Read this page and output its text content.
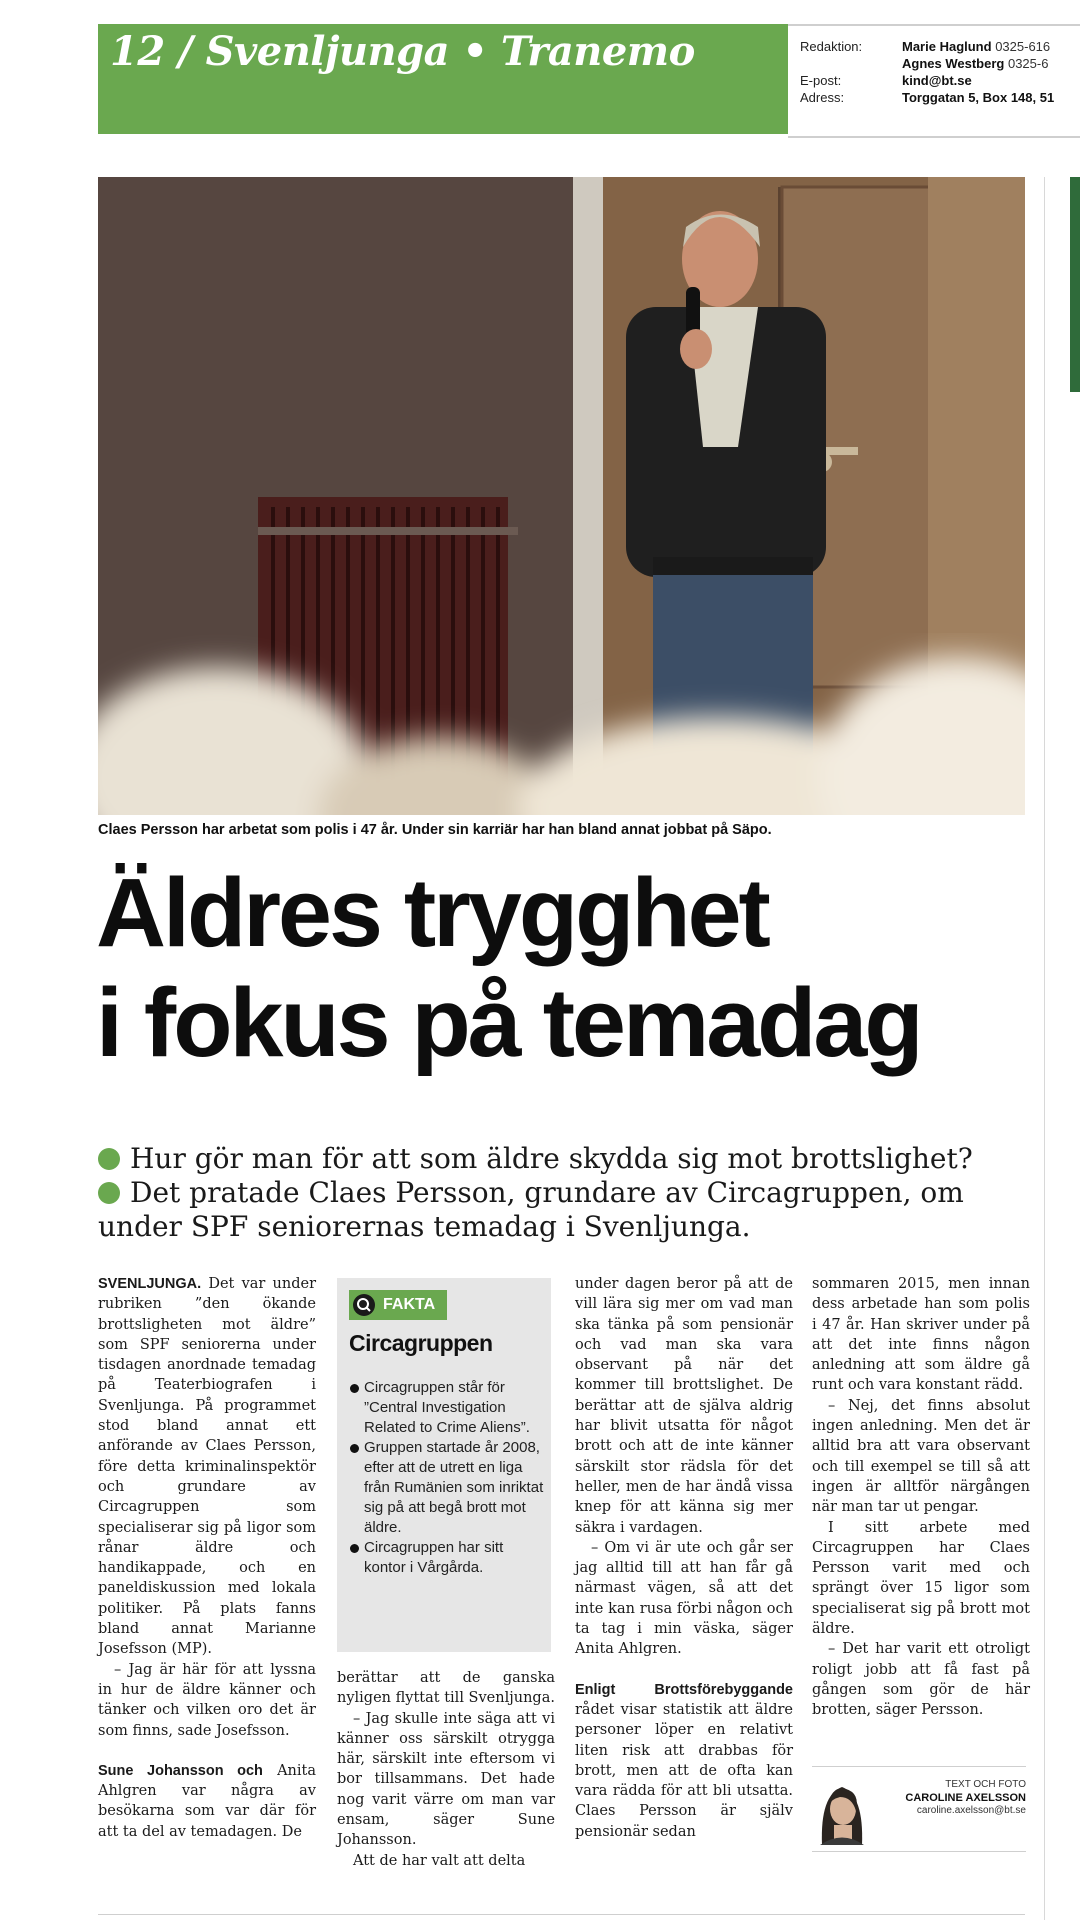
12 / Svenljunga • Tranemo	Redaktion:	Marie Haglund 0325-616
Agnes Westberg 0325-6
E-post:	kind@bt.se
Adress:	Torggatan 5, Box 148, 51
Claes Persson har arbetat som polis i 47 år. Under sin karriär har han bland annat jobbat på Säpo.
Äldres trygghet
i fokus på temadag
Hur gör man för att som äldre skydda sig mot brottslighet?
Det pratade Claes Persson, grundare av Circagruppen, om under SPF seniorernas temadag i Svenljunga.

SVENLJUNGA. Det var under rubriken ”den ökande brottsligheten mot äldre” som SPF seniorerna under tisdagen anordnade temadag på Teaterbiografen i Svenljunga. På programmet stod bland annat ett anförande av Claes Persson, före detta kriminalinspektör och grundare av Circagruppen som specialiserar sig på ligor som rånar äldre och handikappade, och en paneldiskussion med lokala politiker. På plats fanns bland annat Marianne Josefsson (MP).

– Jag är här för att lyssna in hur de äldre känner och tänker och vilken oro det är som finns, sade Josefsson.

Sune Johansson och Anita Ahlgren var några av besökarna som var där för att ta del av temadagen. De

FAKTA
Circagruppen
Circagruppen står för ”Central Investigation Related to Crime Aliens”.
Gruppen startade år 2008, efter att de utrett en liga från Rumänien som inriktat sig på att begå brott mot äldre.
Circagruppen har sitt kontor i Vårgårda.

berättar att de ganska nyligen flyttat till Svenljunga.

– Jag skulle inte säga att vi känner oss särskilt otrygga här, särskilt inte eftersom vi bor tillsammans. Det hade nog varit värre om man var ensam, säger Sune Johansson.

Att de har valt att delta

under dagen beror på att de vill lära sig mer om vad man ska tänka på som pensionär och vad man ska vara observant på när det kommer till brottslighet. De berättar att de själva aldrig har blivit utsatta för något brott och att de inte känner särskilt stor rädsla för det heller, men de har ändå vissa knep för att känna sig mer säkra i vardagen.

– Om vi är ute och går ser jag alltid till att han får gå närmast vägen, så att det inte kan rusa förbi någon och ta tag i min väska, säger Anita Ahlgren.

Enligt Brottsförebyggande rådet visar statistik att äldre personer löper en relativt liten risk att drabbas för brott, men att de ofta kan vara rädda för att bli utsatta. Claes Persson är själv pensionär sedan

sommaren 2015, men innan dess arbetade han som polis i 47 år. Han skriver under på att det inte finns någon anledning att som äldre gå runt och vara konstant rädd.

– Nej, det finns absolut ingen anledning. Men det är alltid bra att vara observant och till exempel se till så att ingen är alltför närgången när man tar ut pengar.

I sitt arbete med Circagruppen har Claes Persson varit med och sprängt över 15 ligor som specialiserat sig på brott mot äldre.

– Det har varit ett otroligt roligt jobb att få fast på gången som gör de här brotten, säger Persson.

TEXT OCH FOTO
CAROLINE AXELSSON
caroline.axelsson@bt.se
